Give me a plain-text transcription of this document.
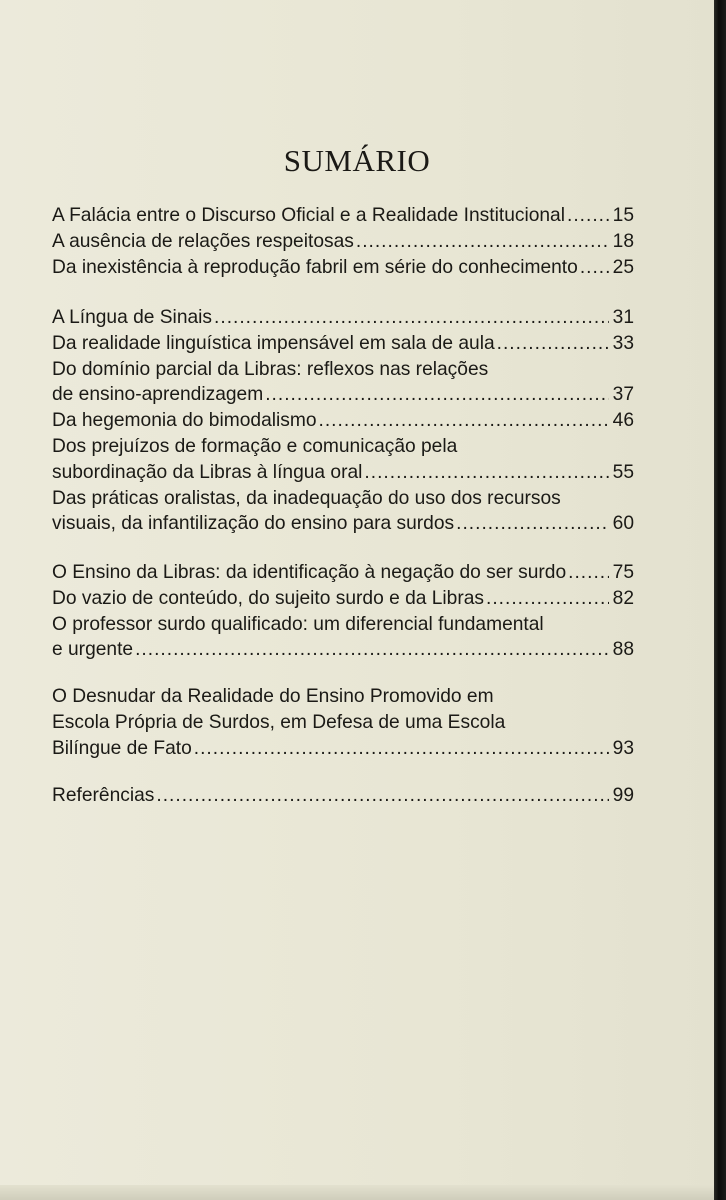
SUMÁRIO
A Falácia entre o Discurso Oficial e a Realidade Institucional ..... 15
A ausência de relações respeitosas .....	18
Da inexistência à reprodução fabril em série do conhecimento ..... 25
A Língua de Sinais .....	31
Da realidade linguística impensável em sala de aula .....	33
Do domínio parcial da Libras: reflexos nas relações
de ensino-aprendizagem .....	37
Da hegemonia do bimodalismo .....	46
Dos prejuízos de formação e comunicação pela
subordinação da Libras à língua oral .....	55
Das práticas oralistas, da inadequação do uso dos recursos
visuais, da infantilização do ensino para surdos .....	60
O Ensino da Libras: da identificação à negação do ser surdo ..... 75
Do vazio de conteúdo, do sujeito surdo e da Libras .....	82
O professor surdo qualificado: um diferencial fundamental
e urgente .....	88
O Desnudar da Realidade do Ensino Promovido em
Escola Própria de Surdos, em Defesa de uma Escola
Bilíngue de Fato .....	93
Referências .....	99
